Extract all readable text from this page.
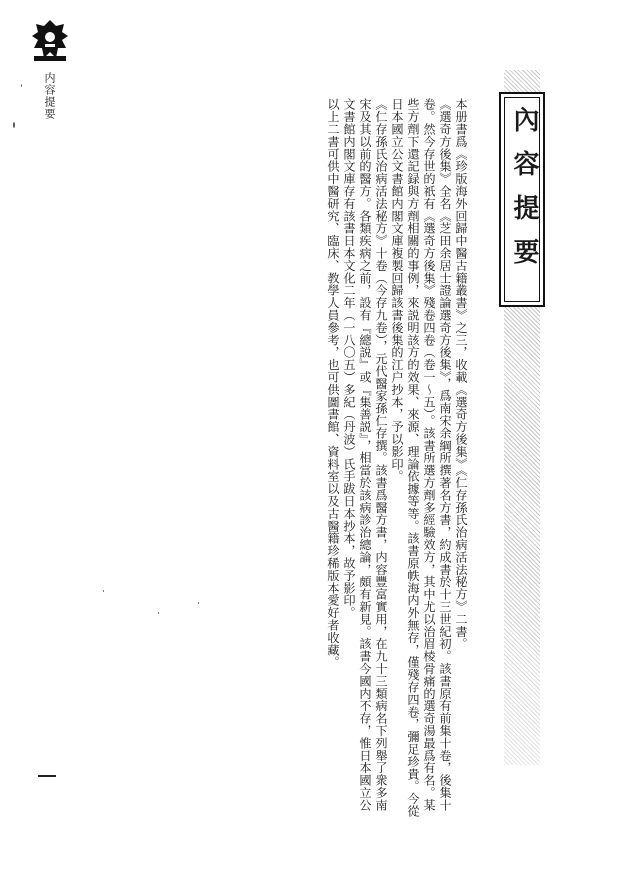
内容提要
內容提要

本册書爲《珍版海外回歸中醫古籍叢書》之三，收載《選奇方後集》《仁存孫氏治病活法秘方》二書。

《選奇方後集》全名《芝田余居士證論選奇方後集》，爲南宋余綱所撰著名方書，約成書於十三世紀初。該書原有前集十卷，後集十卷。然今存世的祇有《選奇方後集》殘卷四卷（卷一～五）。該書所選方劑多經驗效方，其中尤以治眉棱骨痛的選奇湯最爲有名。某些方劑下還記録與方劑相關的事例，來説明該方的效果、來源、理論依據等等。該書原帙海内外無存，僅殘存四卷，彌足珍貴。今從日本國立公文書館内閣文庫複製回歸該書後集的江户抄本，予以影印。

《仁存孫氏治病活法秘方》十卷（今存九卷），元代醫家孫仁存撰。該書爲醫方書，内容豐富實用，在九十三類病名下列舉了衆多南宋及其以前的醫方。各類疾病之前，設有『總説』或『集善説』，相當於該病診治總論，頗有新見。該書今國内不存，惟日本國立公文書館内閣文庫存有該書日本文化二年（一八〇五）多紀（丹波）氏手跋日本抄本，故予影印。

以上二書可供中醫研究、臨床、教學人員參考，也可供圖書館、資料室以及古醫籍珍稀版本愛好者收藏。
